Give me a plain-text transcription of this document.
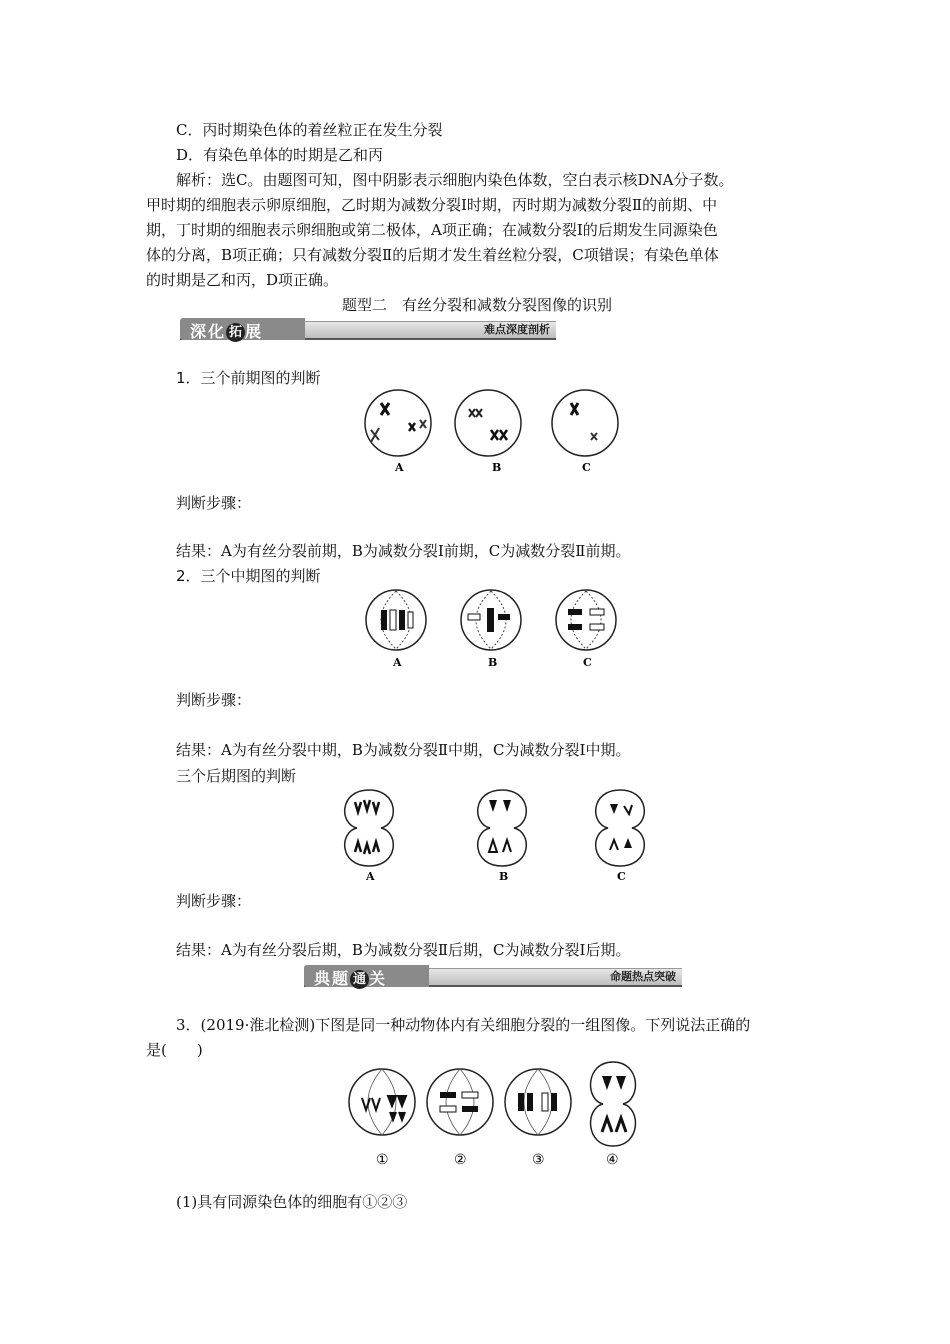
C．丙时期染色体的着丝粒正在发生分裂
D．有染色单体的时期是乙和丙
解析：选C。由题图可知，图中阴影表示细胞内染色体数，空白表示核DNA分子数。
甲时期的细胞表示卵原细胞，乙时期为减数分裂Ⅰ时期，丙时期为减数分裂Ⅱ的前期、中
期，丁时期的细胞表示卵细胞或第二极体，A项正确；在减数分裂Ⅰ的后期发生同源染色
体的分离，B项正确；只有减数分裂Ⅱ的后期才发生着丝粒分裂，C项错误；有染色单体
的时期是乙和丙，D项正确。
题型二　有丝分裂和减数分裂图像的识别
深化 拓 展	难点深度剖析
1．三个前期图的判断
A	B	C
判断步骤：
结果：A为有丝分裂前期，B为减数分裂Ⅰ前期，C为减数分裂Ⅱ前期。
2．三个中期图的判断
A	B	C
判断步骤：
结果：A为有丝分裂中期，B为减数分裂Ⅱ中期，C为减数分裂Ⅰ中期。
三个后期图的判断
A	B	C
判断步骤：
结果：A为有丝分裂后期，B为减数分裂Ⅱ后期，C为减数分裂Ⅰ后期。
典题 通 关	命题热点突破
3．(2019·淮北检测)下图是同一种动物体内有关细胞分裂的一组图像。下列说法正确的
是(　　)
①	②	③	④
(1)具有同源染色体的细胞有①②③
